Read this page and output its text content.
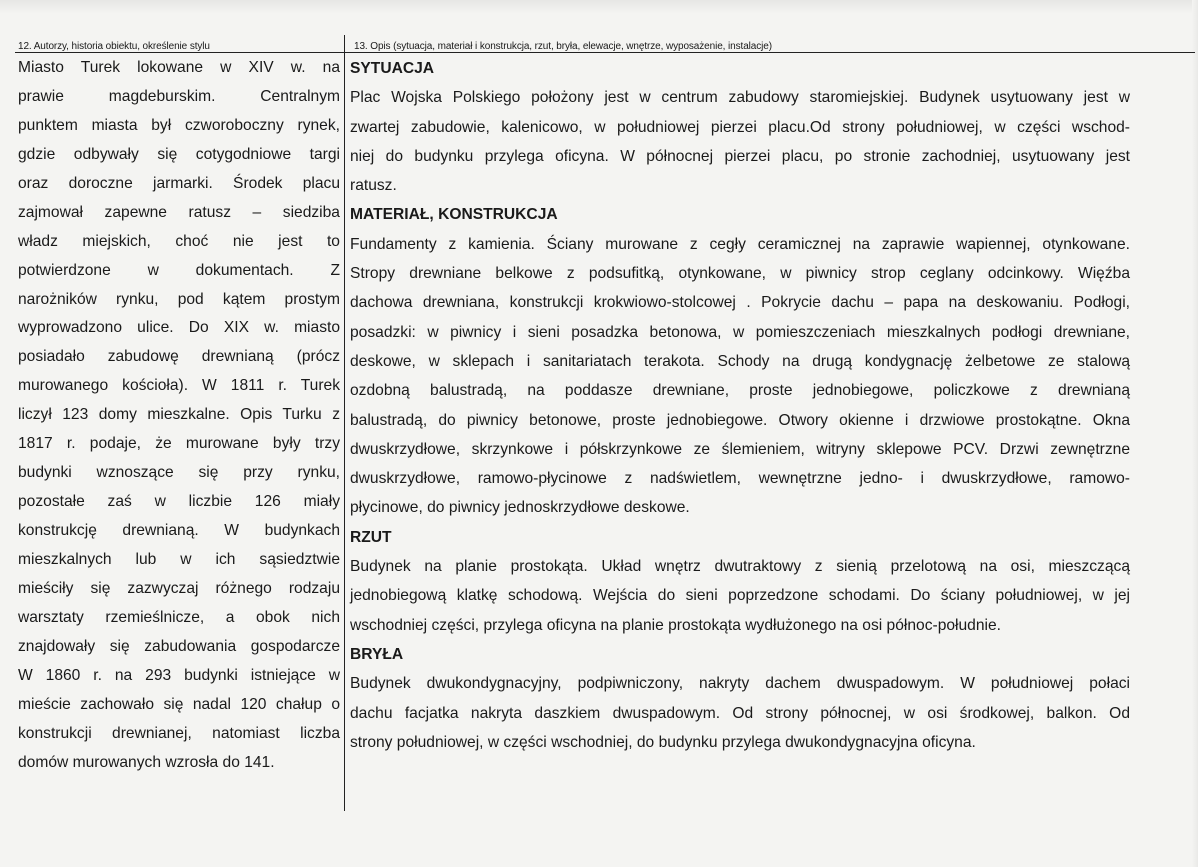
12. Autorzy, historia obiektu, określenie stylu	13. Opis (sytuacja, materiał i konstrukcja, rzut, bryła, elewacje, wnętrze, wyposażenie, instalacje)
Miasto Turek lokowane w XIV w. na
prawie magdeburskim. Centralnym
punktem miasta był czworoboczny rynek,
gdzie odbywały się cotygodniowe targi
oraz doroczne jarmarki. Środek placu
zajmował zapewne ratusz – siedziba
władz miejskich, choć nie jest to
potwierdzone w dokumentach. Z
narożników rynku, pod kątem prostym
wyprowadzono ulice. Do XIX w. miasto
posiadało zabudowę drewnianą (prócz
murowanego kościoła). W 1811 r. Turek
liczył 123 domy mieszkalne. Opis Turku z
1817 r. podaje, że murowane były trzy
budynki wznoszące się przy rynku,
pozostałe zaś w liczbie 126 miały
konstrukcję drewnianą. W budynkach
mieszkalnych lub w ich sąsiedztwie
mieściły się zazwyczaj różnego rodzaju
warsztaty rzemieślnicze, a obok nich
znajdowały się zabudowania gospodarcze
W 1860 r. na 293 budynki istniejące w
mieście zachowało się nadal 120 chałup o
konstrukcji drewnianej, natomiast liczba
domów murowanych wzrosła do 141.
SYTUACJA
Plac Wojska Polskiego położony jest w centrum zabudowy staromiejskiej. Budynek usytuowany jest w
zwartej zabudowie, kalenicowo, w południowej pierzei placu.Od strony południowej, w części wschod-
niej do budynku przylega oficyna. W północnej pierzei placu, po stronie zachodniej, usytuowany jest
ratusz.
MATERIAŁ, KONSTRUKCJA
Fundamenty z kamienia. Ściany murowane z cegły ceramicznej na zaprawie wapiennej, otynkowane.
Stropy drewniane belkowe z podsufitką, otynkowane, w piwnicy strop ceglany odcinkowy. Więźba
dachowa drewniana, konstrukcji krokwiowo-stolcowej . Pokrycie dachu – papa na deskowaniu. Podłogi,
posadzki: w piwnicy i sieni posadzka betonowa, w pomieszczeniach mieszkalnych podłogi drewniane,
deskowe, w sklepach i sanitariatach terakota. Schody na drugą kondygnację żelbetowe ze stalową
ozdobną balustradą, na poddasze drewniane, proste jednobiegowe, policzkowe z drewnianą
balustradą, do piwnicy betonowe, proste jednobiegowe. Otwory okienne i drzwiowe prostokątne. Okna
dwuskrzydłowe, skrzynkowe i półskrzynkowe ze ślemieniem, witryny sklepowe PCV. Drzwi zewnętrzne
dwuskrzydłowe, ramowo-płycinowe z nadświetlem, wewnętrzne jedno- i dwuskrzydłowe, ramowo-
płycinowe, do piwnicy jednoskrzydłowe deskowe.
RZUT
Budynek na planie prostokąta. Układ wnętrz dwutraktowy z sienią przelotową na osi, mieszczącą
jednobiegową klatkę schodową. Wejścia do sieni poprzedzone schodami. Do ściany południowej, w jej
wschodniej części, przylega oficyna na planie prostokąta wydłużonego na osi północ-południe.
BRYŁA
Budynek dwukondygnacyjny, podpiwniczony, nakryty dachem dwuspadowym. W południowej połaci
dachu facjatka nakryta daszkiem dwuspadowym. Od strony północnej, w osi środkowej, balkon. Od
strony południowej, w części wschodniej, do budynku przylega dwukondygnacyjna oficyna.
